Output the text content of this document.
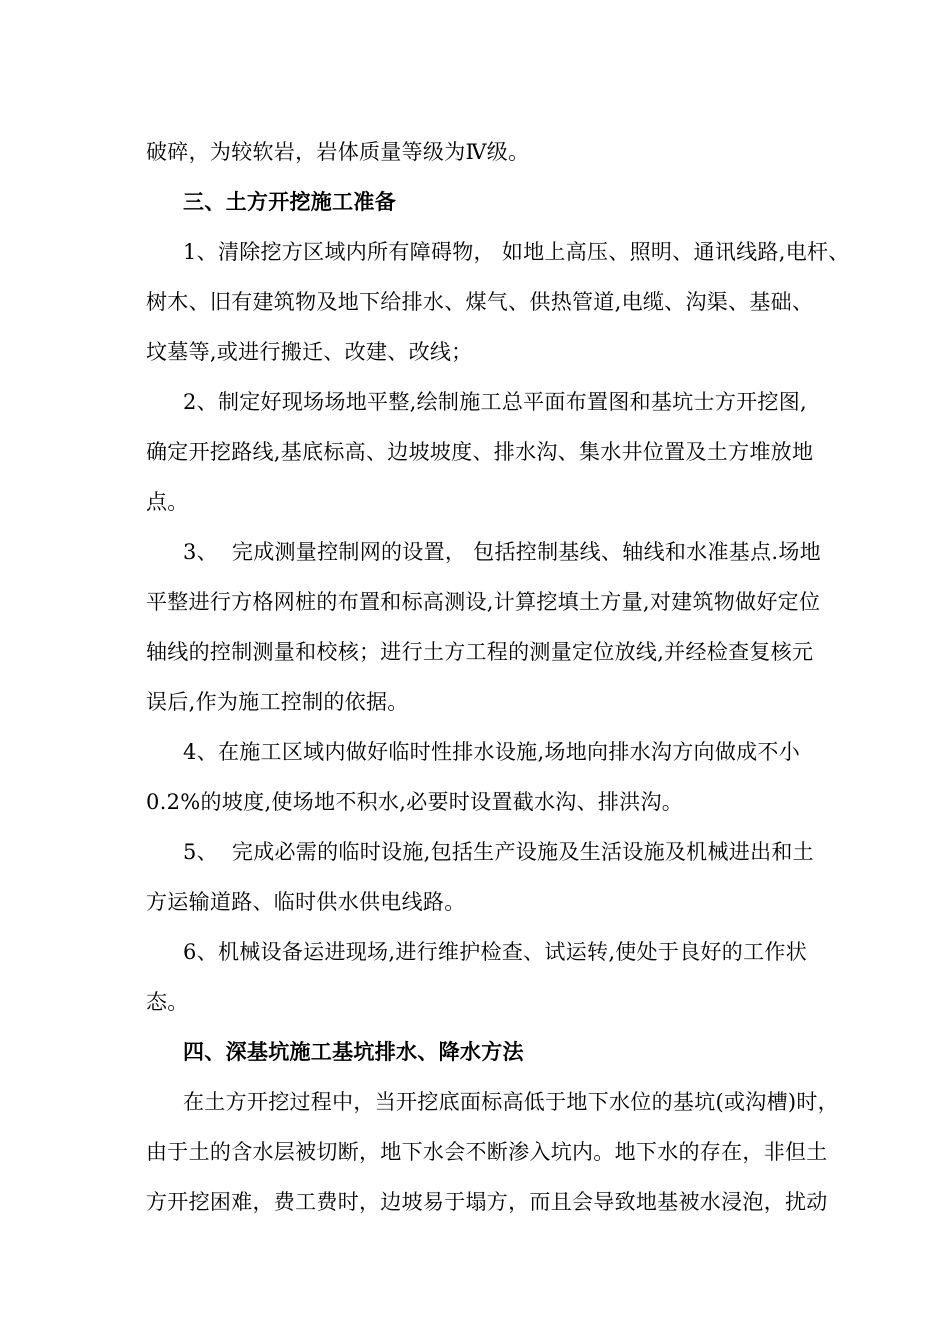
破碎，为较软岩，岩体质量等级为Ⅳ级。
三、土方开挖施工准备
1、清除挖方区域内所有障碍物， 如地上高压、照明、通讯线路,电杆、
树木、旧有建筑物及地下给排水、煤气、供热管道,电缆、沟渠、基础、
坟墓等,或进行搬迁、改建、改线；
2、制定好现场场地平整,绘制施工总平面布置图和基坑士方开挖图,
确定开挖路线,基底标高、边坡坡度、排水沟、集水井位置及土方堆放地
点。
3、  完成测量控制网的设置， 包括控制基线、轴线和水准基点.场地
平整进行方格网桩的布置和标高测设,计算挖填土方量,对建筑物做好定位
轴线的控制测量和校核；进行土方工程的测量定位放线,并经检查复核元
误后,作为施工控制的依据。
4、在施工区域内做好临时性排水设施,场地向排水沟方向做成不小
0.2%的坡度,使场地不积水,必要时设置截水沟、排洪沟。
5、  完成必需的临时设施,包括生产设施及生活设施及机械进出和土
方运输道路、临时供水供电线路。
6、机械设备运进现场,进行维护检查、试运转,使处于良好的工作状
态。
四、深基坑施工基坑排水、降水方法
在土方开挖过程中，当开挖底面标高低于地下水位的基坑(或沟槽)时，
由于土的含水层被切断，地下水会不断渗入坑内。地下水的存在，非但土
方开挖困难，费工费时，边坡易于塌方，而且会导致地基被水浸泡，扰动
